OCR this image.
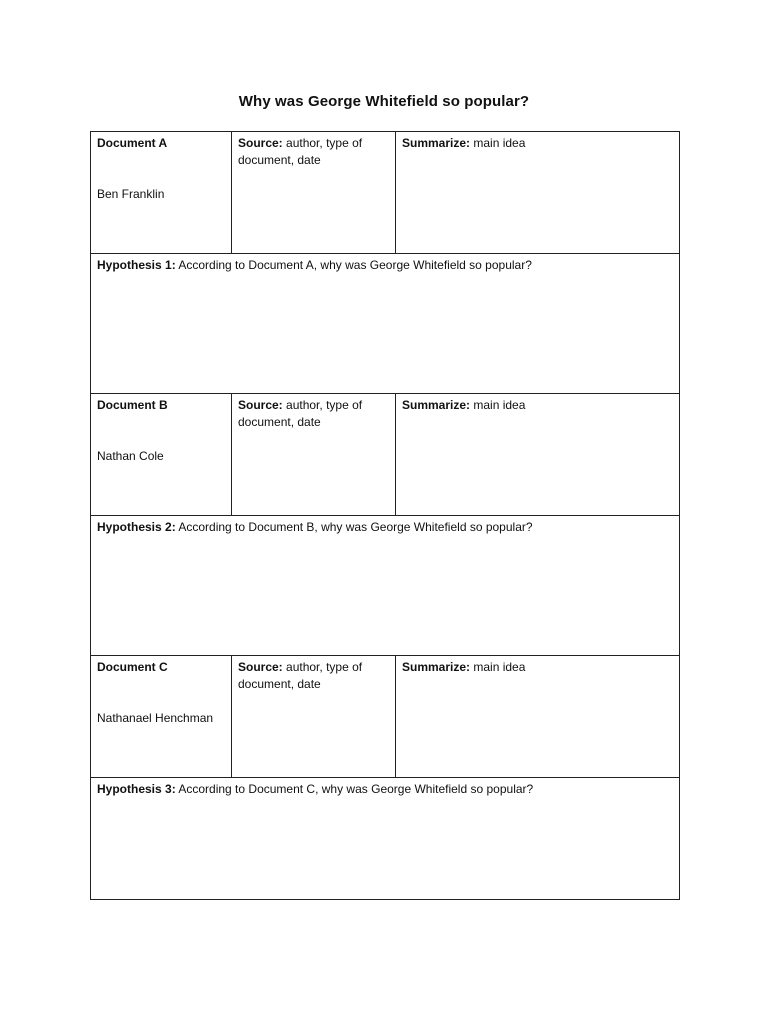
Why was George Whitefield so popular?
Document A
Ben Franklin	Source: author, type of document, date	Summarize: main idea
Hypothesis 1: According to Document A, why was George Whitefield so popular?		
Document B
Nathan Cole	Source: author, type of document, date	Summarize: main idea
Hypothesis 2: According to Document B, why was George Whitefield so popular?		
Document C
Nathanael Henchman	Source: author, type of document, date	Summarize: main idea
Hypothesis 3: According to Document C, why was George Whitefield so popular?		
